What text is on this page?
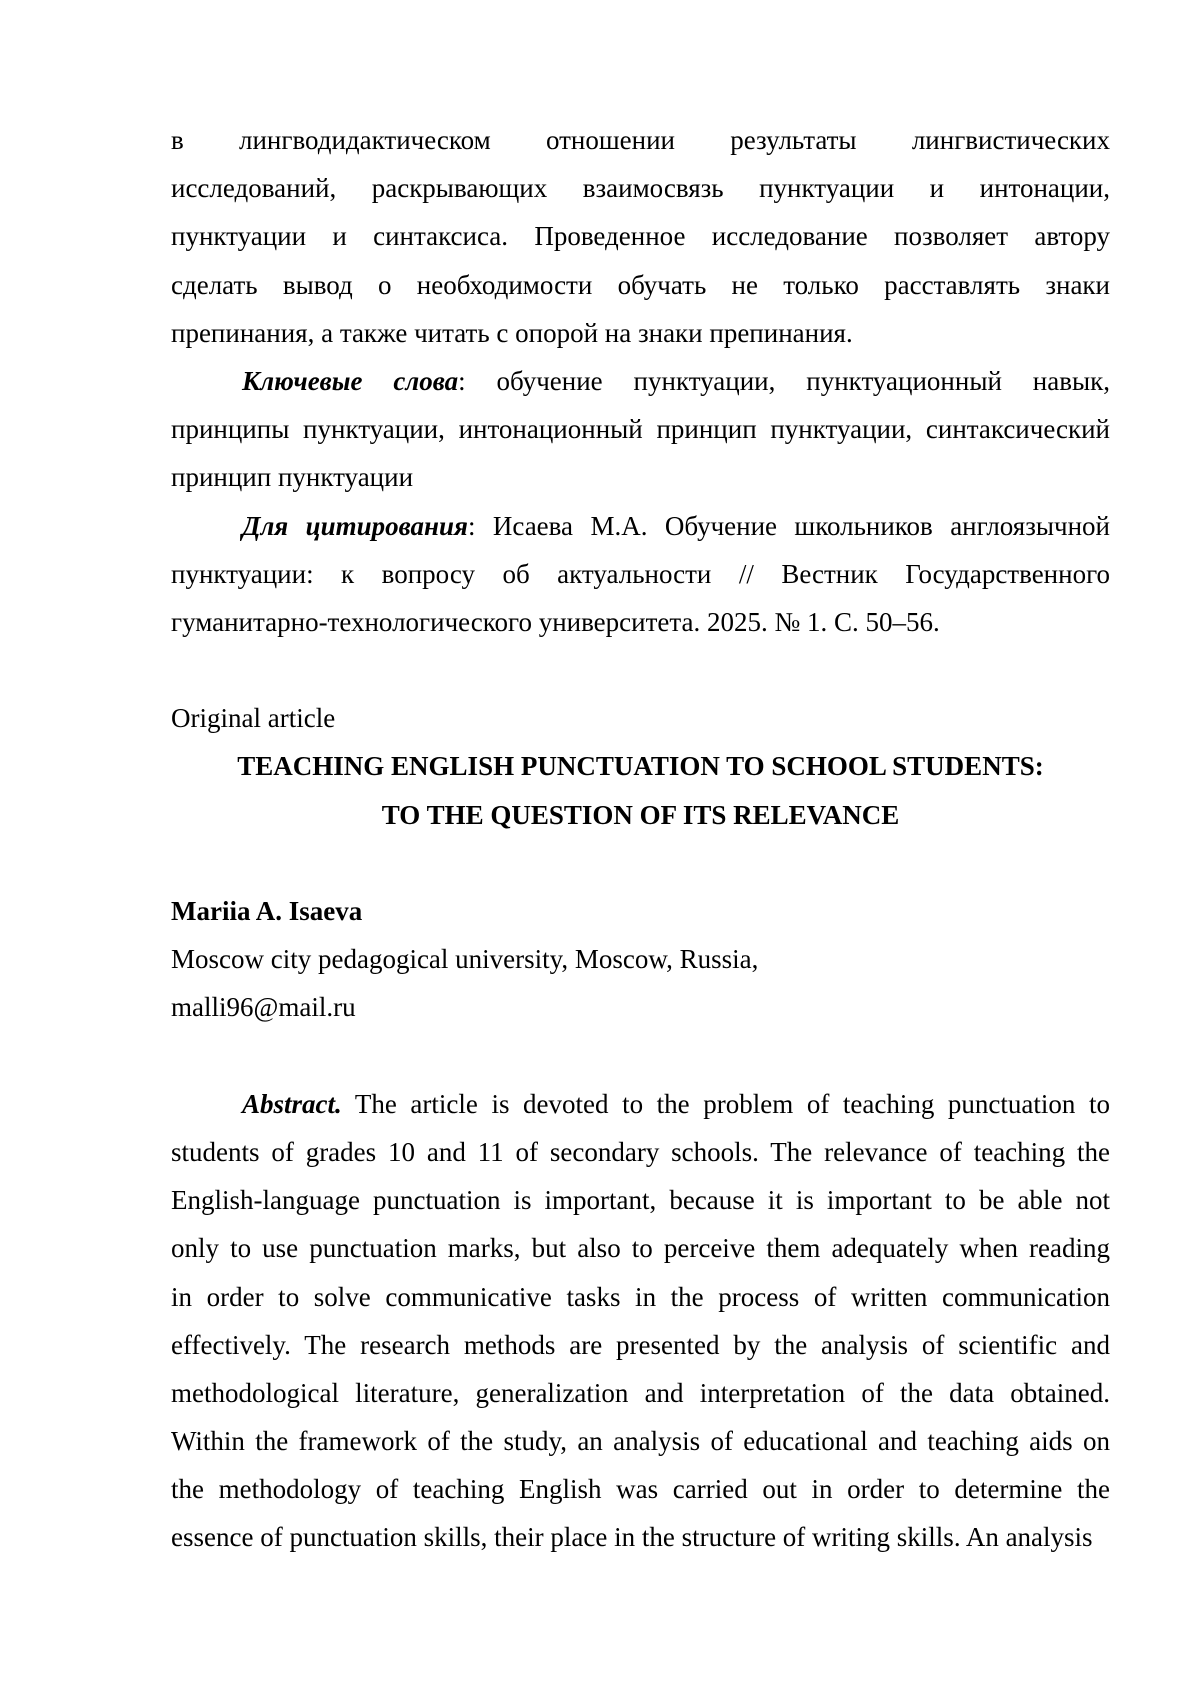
в лингводидактическом отношении результаты лингвистических
исследований, раскрывающих взаимосвязь пунктуации и интонации,
пунктуации и синтаксиса. Проведенное исследование позволяет автору
сделать вывод о необходимости обучать не только расставлять знаки
препинания, а также читать с опорой на знаки препинания.
Ключевые слова: обучение пунктуации, пунктуационный навык,
принципы пунктуации, интонационный принцип пунктуации, синтаксический
принцип пунктуации
Для цитирования: Исаева М.А. Обучение школьников англоязычной
пунктуации: к вопросу об актуальности // Вестник Государственного
гуманитарно-технологического университета. 2025. № 1. С. 50–56.
Original article
TEACHING ENGLISH PUNCTUATION TO SCHOOL STUDENTS:
TO THE QUESTION OF ITS RELEVANCE
Mariia A. Isaeva
Moscow city pedagogical university, Moscow, Russia,
malli96@mail.ru
Abstract. The article is devoted to the problem of teaching punctuation to
students of grades 10 and 11 of secondary schools. The relevance of teaching the
English-language punctuation is important, because it is important to be able not
only to use punctuation marks, but also to perceive them adequately when reading
in order to solve communicative tasks in the process of written communication
effectively. The research methods are presented by the analysis of scientific and
methodological literature, generalization and interpretation of the data obtained.
Within the framework of the study, an analysis of educational and teaching aids on
the methodology of teaching English was carried out in order to determine the
essence of punctuation skills, their place in the structure of writing skills. An analysis
